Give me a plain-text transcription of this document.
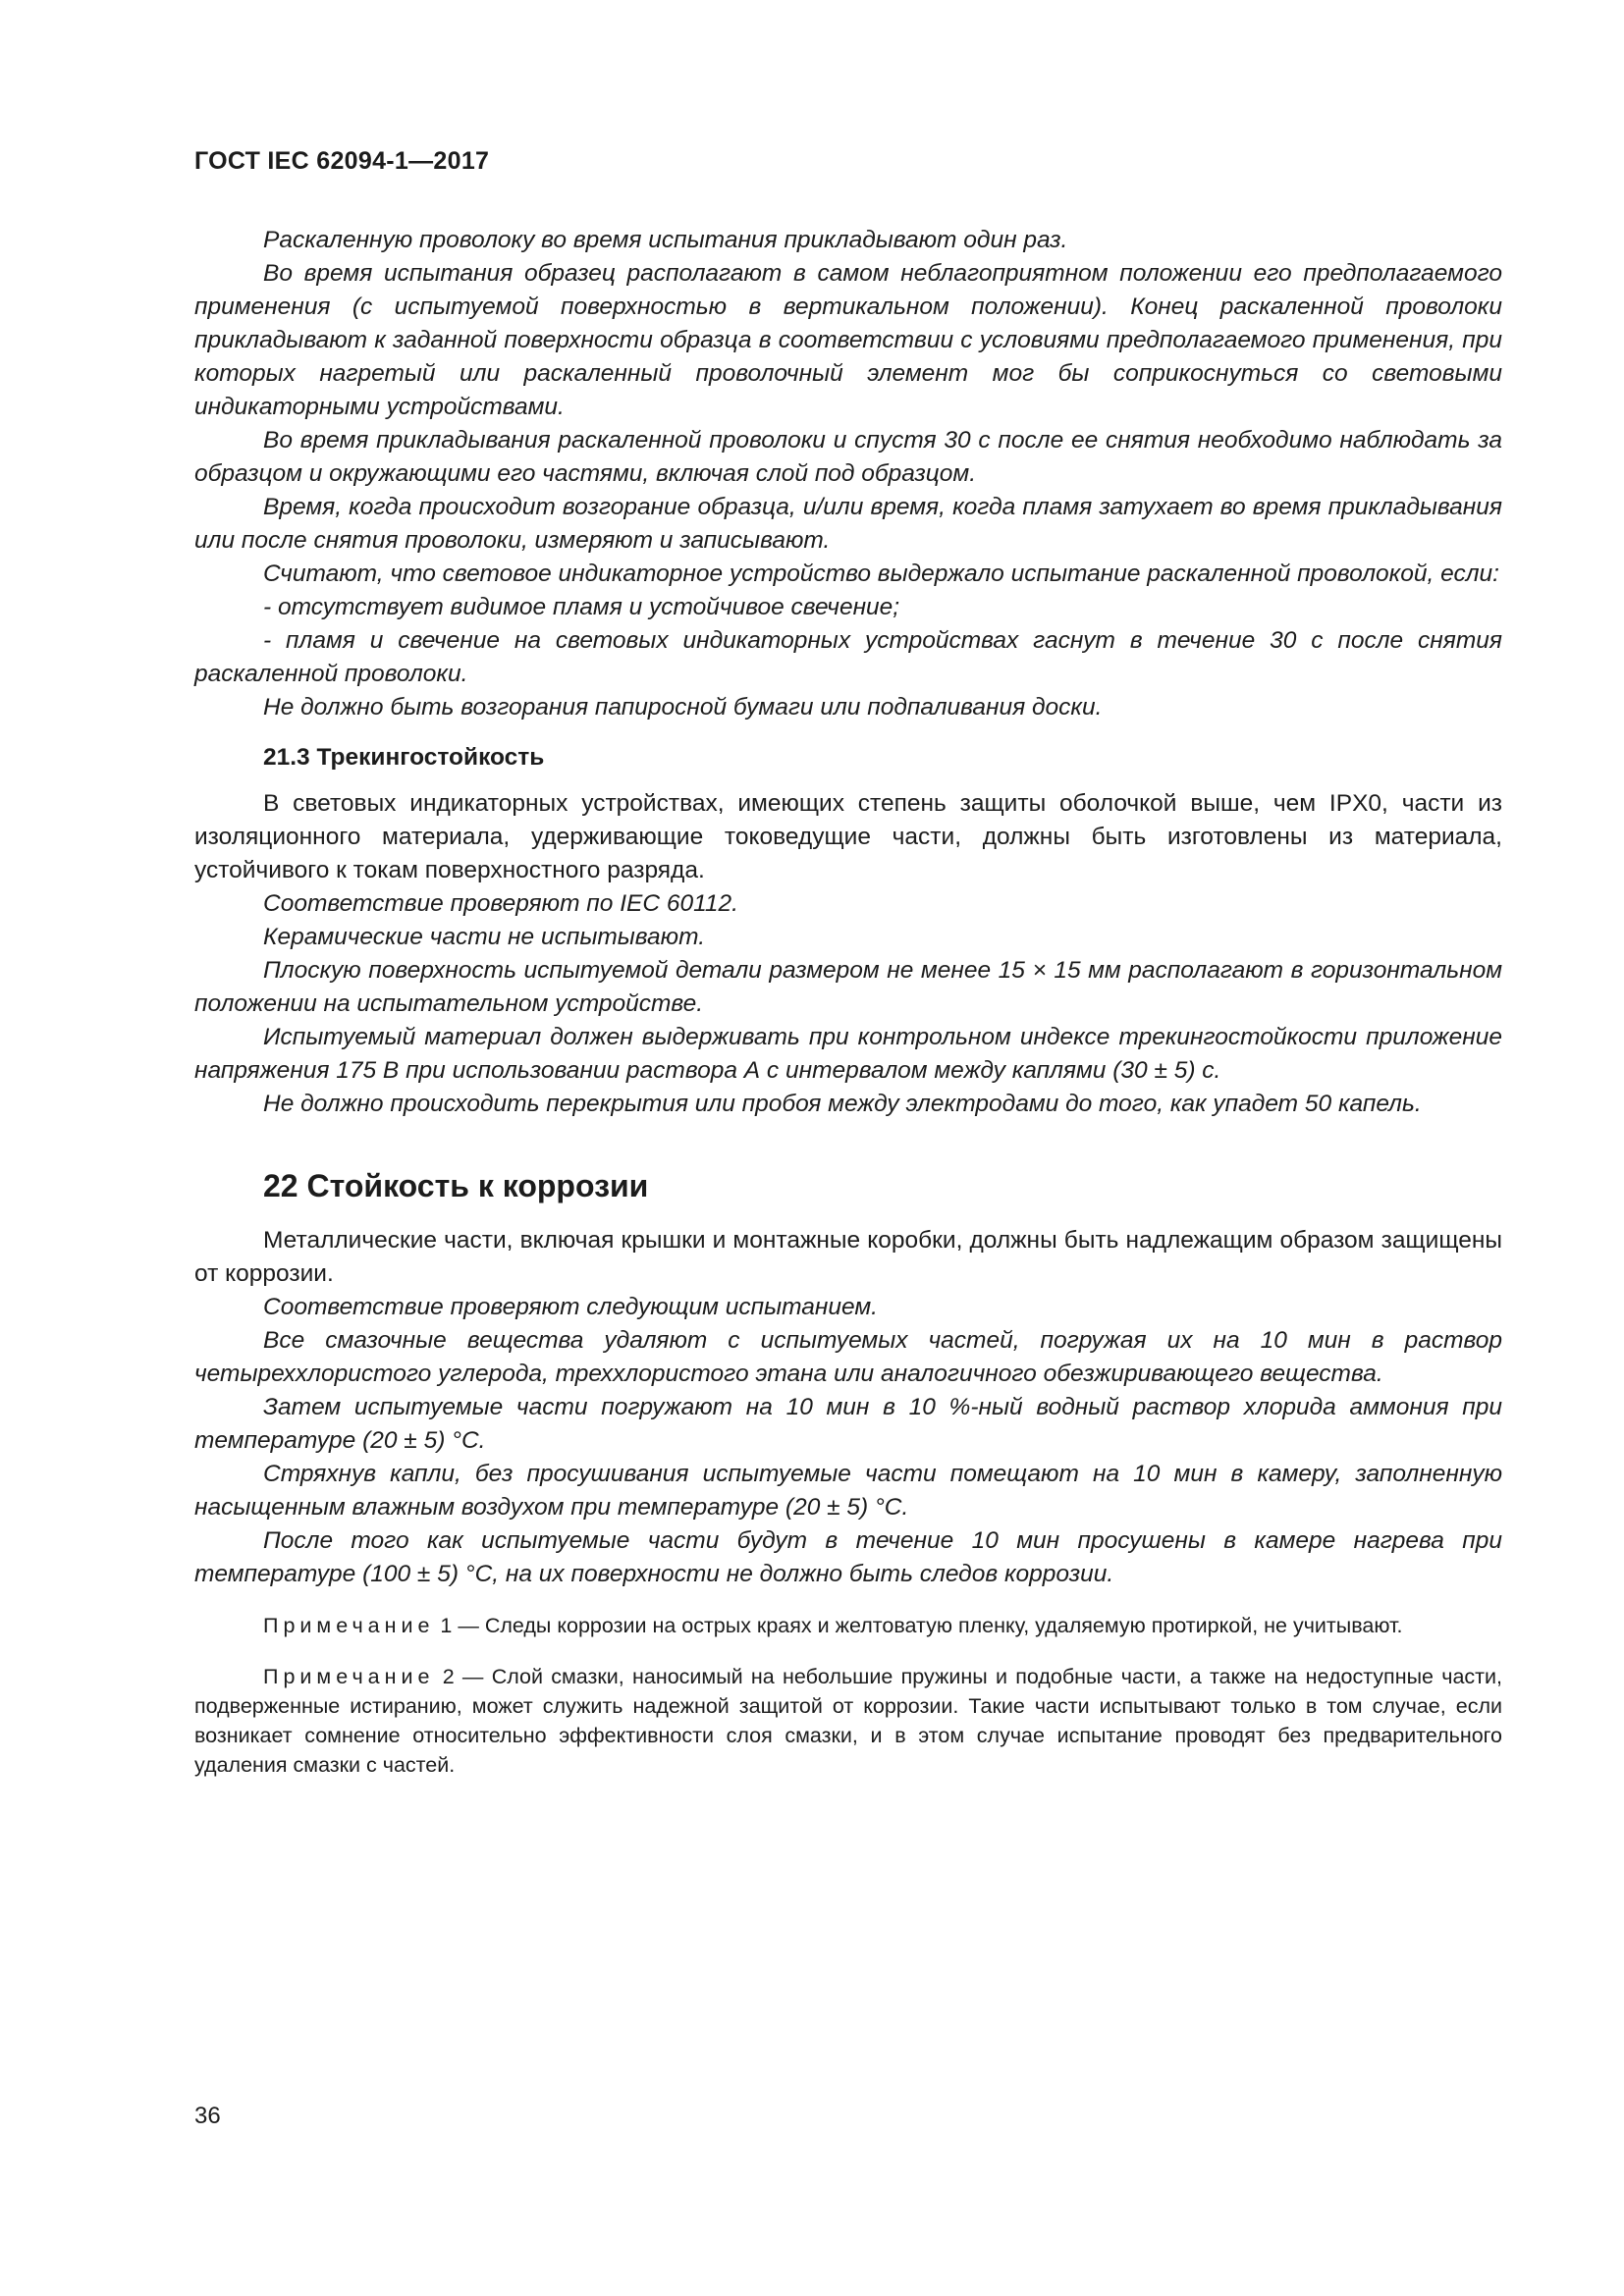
ГОСТ IEC 62094-1—2017

Раскаленную проволоку во время испытания прикладывают один раз.

Во время испытания образец располагают в самом неблагоприятном положении его предполагаемого применения (с испытуемой поверхностью в вертикальном положении). Конец раскаленной проволоки прикладывают к заданной поверхности образца в соответствии с условиями предполагаемого применения, при которых нагретый или раскаленный проволочный элемент мог бы соприкоснуться со световыми индикаторными устройствами.

Во время прикладывания раскаленной проволоки и спустя 30 с после ее снятия необходимо наблюдать за образцом и окружающими его частями, включая слой под образцом.

Время, когда происходит возгорание образца, и/или время, когда пламя затухает во время прикладывания или после снятия проволоки, измеряют и записывают.

Считают, что световое индикаторное устройство выдержало испытание раскаленной проволокой, если:

- отсутствует видимое пламя и устойчивое свечение;

- пламя и свечение на световых индикаторных устройствах гаснут в течение 30 с после снятия раскаленной проволоки.

Не должно быть возгорания папиросной бумаги или подпаливания доски.

21.3 Трекингостойкость

В световых индикаторных устройствах, имеющих степень защиты оболочкой выше, чем IPX0, части из изоляционного материала, удерживающие токоведущие части, должны быть изготовлены из материала, устойчивого к токам поверхностного разряда.

Соответствие проверяют по IEC 60112.

Керамические части не испытывают.

Плоскую поверхность испытуемой детали размером не менее 15 × 15 мм располагают в горизонтальном положении на испытательном устройстве.

Испытуемый материал должен выдерживать при контрольном индексе трекингостойкости приложение напряжения 175 В при использовании раствора А с интервалом между каплями (30 ± 5) с.

Не должно происходить перекрытия или пробоя между электродами до того, как упадет 50 капель.

22 Стойкость к коррозии

Металлические части, включая крышки и монтажные коробки, должны быть надлежащим образом защищены от коррозии.

Соответствие проверяют следующим испытанием.

Все смазочные вещества удаляют с испытуемых частей, погружая их на 10 мин в раствор четыреххлористого углерода, треххлористого этана или аналогичного обезжиривающего вещества.

Затем испытуемые части погружают на 10 мин в 10 %-ный водный раствор хлорида аммония при температуре (20 ± 5) °С.

Стряхнув капли, без просушивания испытуемые части помещают на 10 мин в камеру, заполненную насыщенным влажным воздухом при температуре (20 ± 5) °С.

После того как испытуемые части будут в течение 10 мин просушены в камере нагрева при температуре (100 ± 5) °С, на их поверхности не должно быть следов коррозии.

Примечание 1 — Следы коррозии на острых краях и желтоватую пленку, удаляемую протиркой, не учитывают.

Примечание 2 — Слой смазки, наносимый на небольшие пружины и подобные части, а также на недоступные части, подверженные истиранию, может служить надежной защитой от коррозии. Такие части испытывают только в том случае, если возникает сомнение относительно эффективности слоя смазки, и в этом случае испытание проводят без предварительного удаления смазки с частей.

36
